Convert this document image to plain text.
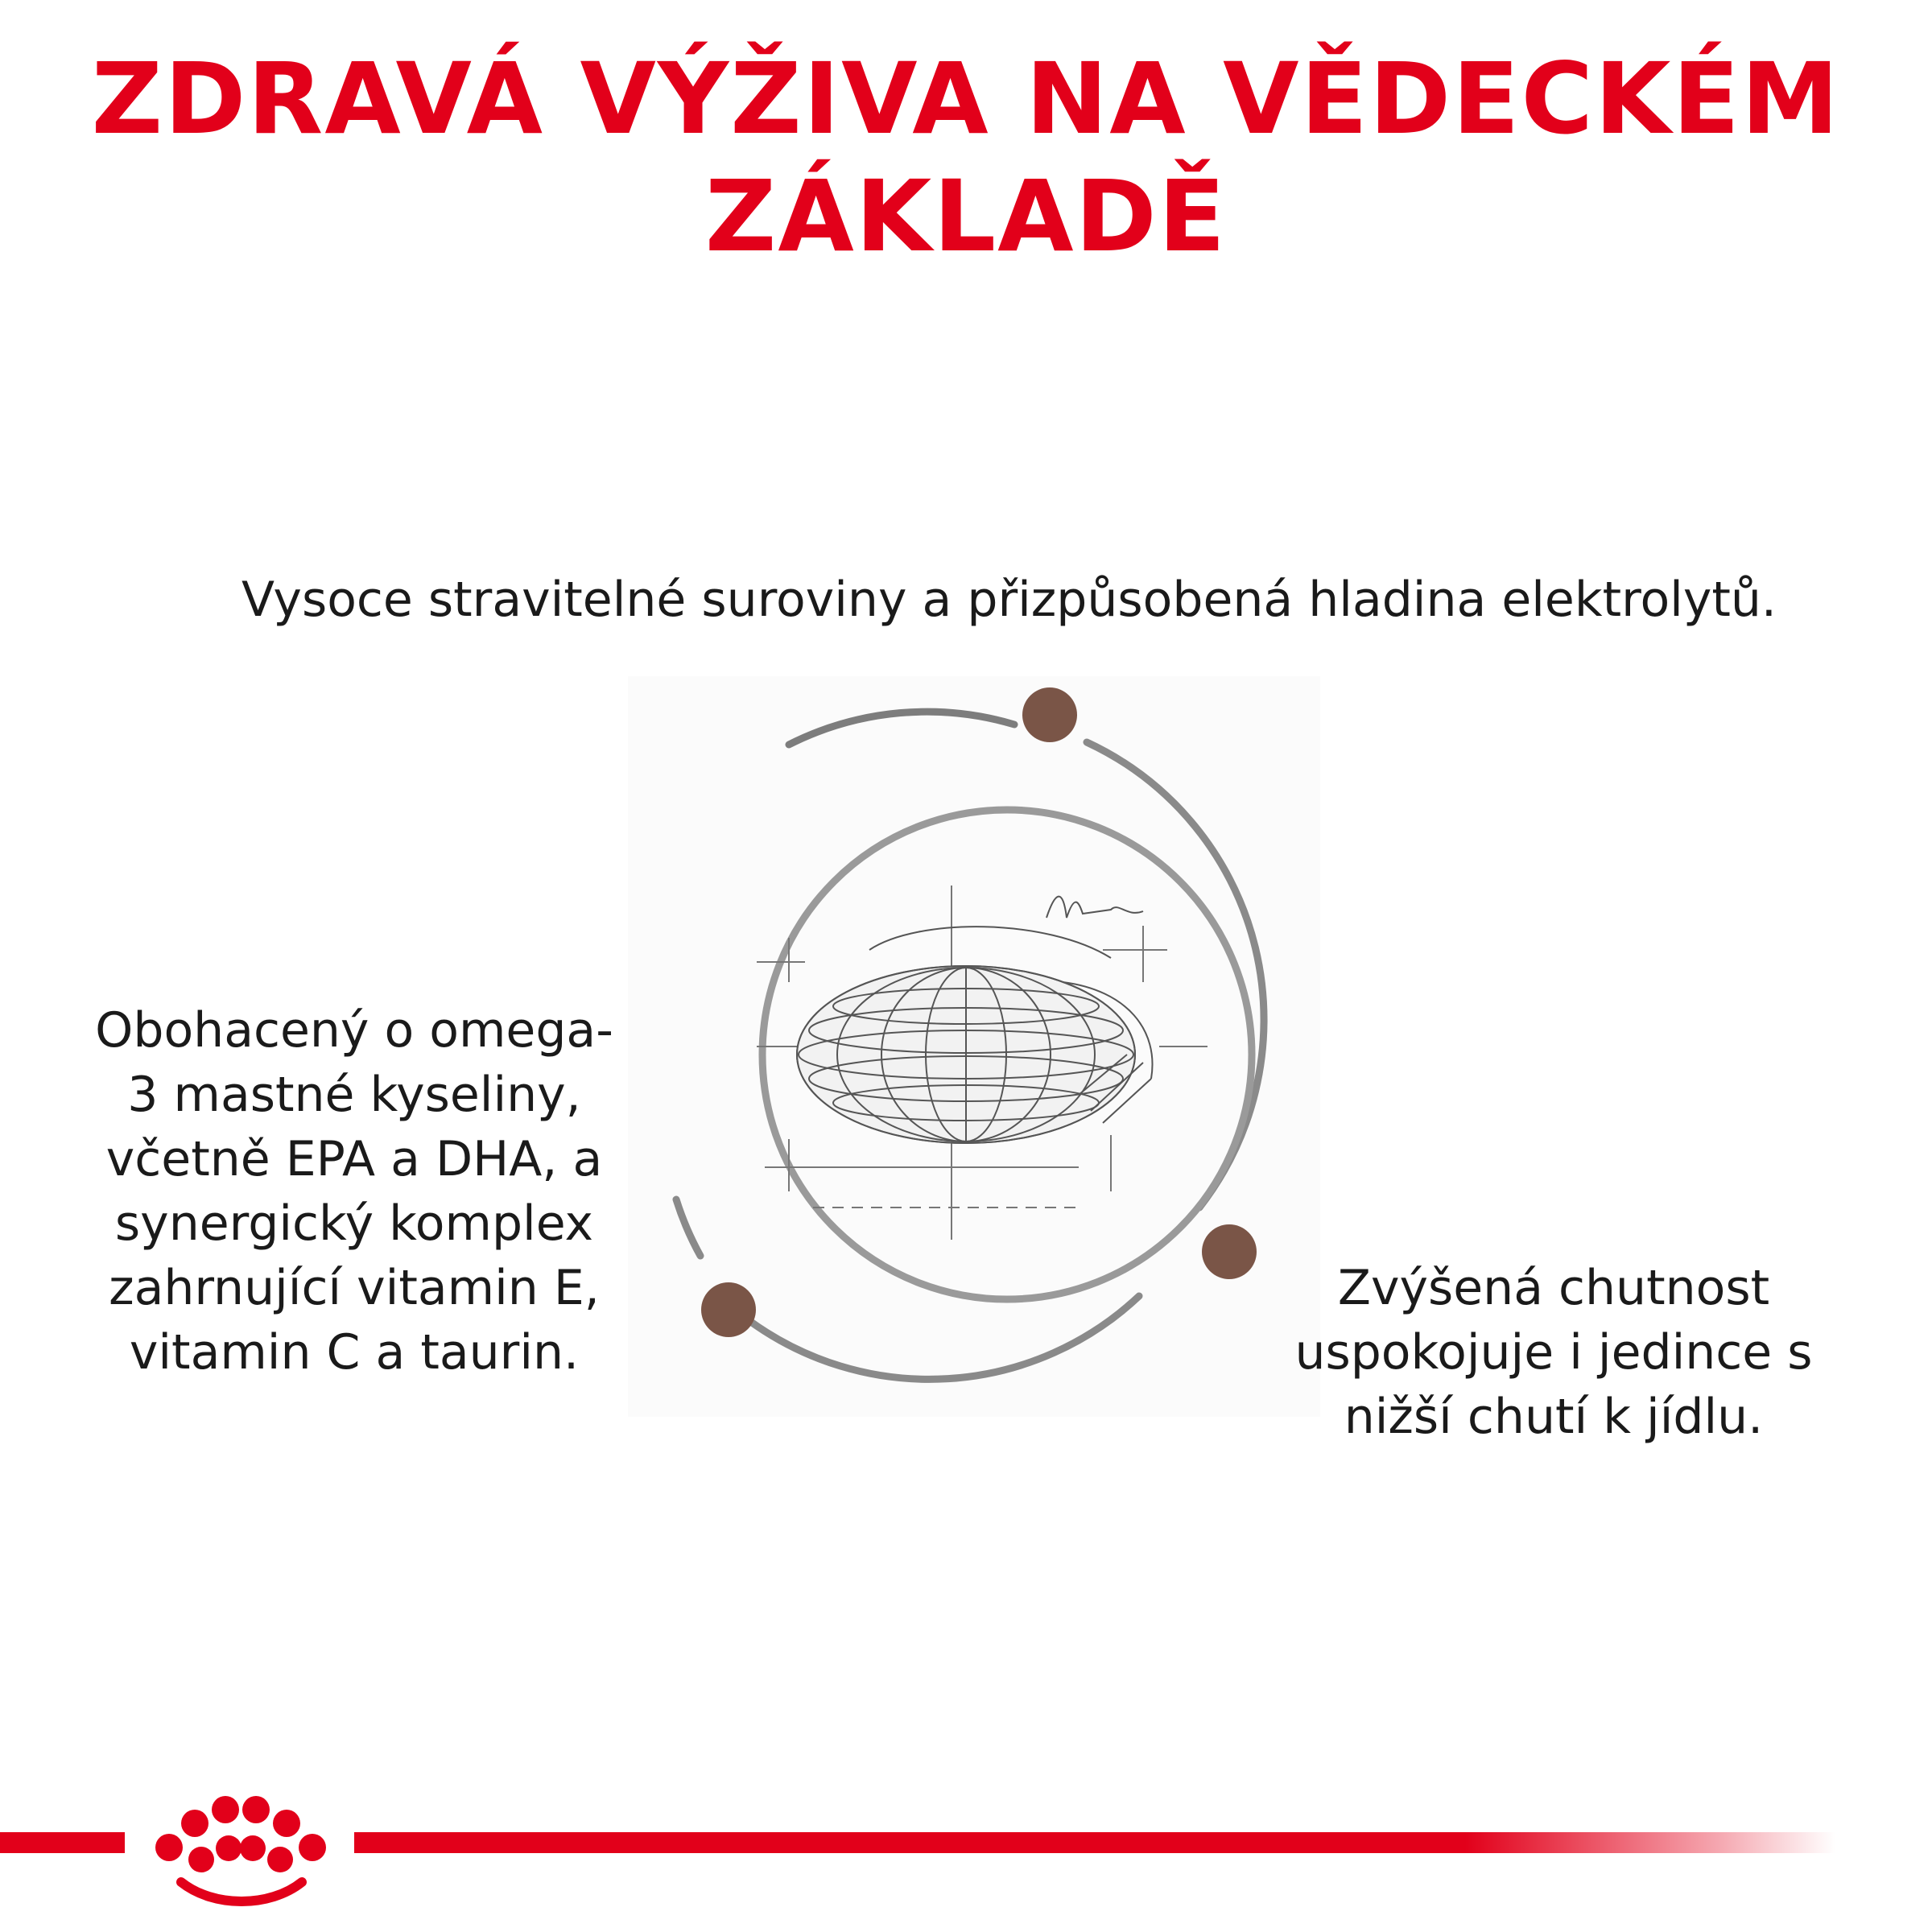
ZDRAVÁ VÝŽIVA NA VĚDECKÉM ZÁKLADĚ

Vysoce stravitelné suroviny a přizpůsobená hladina elektrolytů.

Obohacený o omega-3 mastné kyseliny, včetně EPA a DHA, a synergický komplex zahrnující vitamin E, vitamin C a taurin.

Zvýšená chutnost uspokojuje i jedince s nižší chutí k jídlu.
